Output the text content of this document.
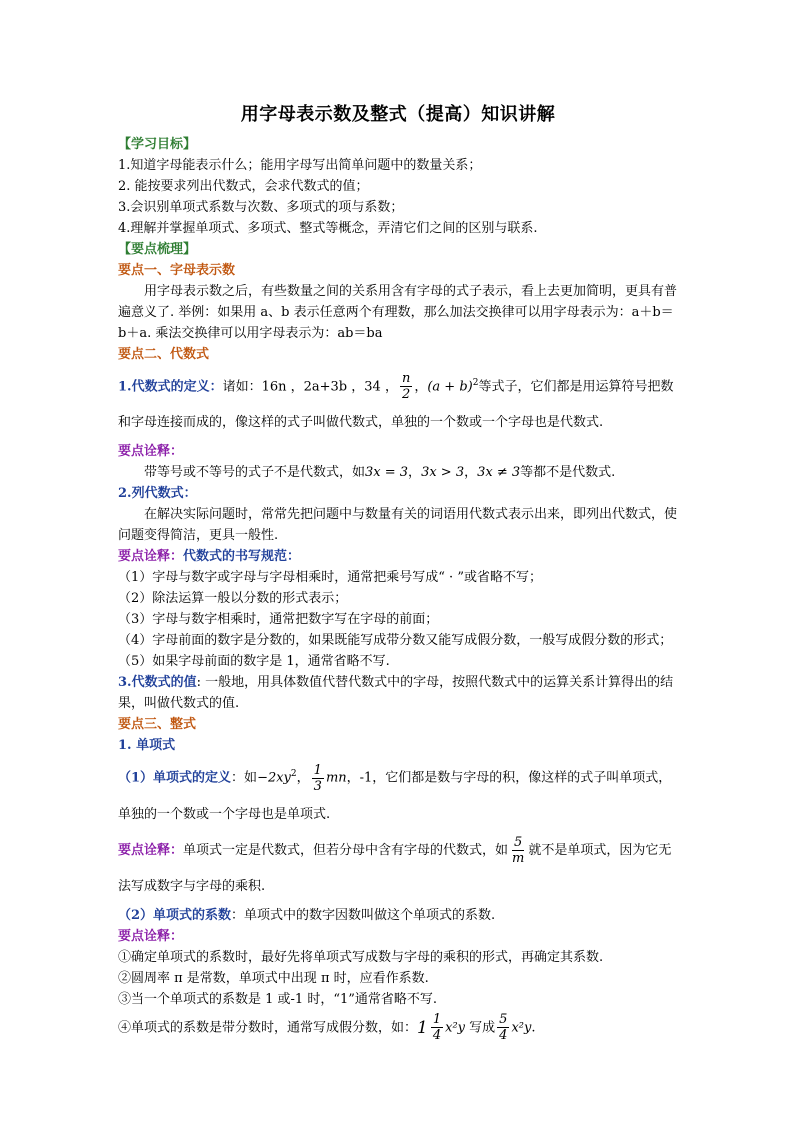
用字母表示数及整式（提高）知识讲解

【学习目标】

1.知道字母能表示什么；能用字母写出简单问题中的数量关系；

2. 能按要求列出代数式，会求代数式的值；

3.会识别单项式系数与次数、多项式的项与系数；

4.理解并掌握单项式、多项式、整式等概念，弄清它们之间的区别与联系.

【要点梳理】

要点一、字母表示数

用字母表示数之后，有些数量之间的关系用含有字母的式子表示，看上去更加简明，更具有普遍意义了. 举例：如果用 a、b 表示任意两个有理数，那么加法交换律可以用字母表示为：a＋b＝b＋a. 乘法交换律可以用字母表示为：ab＝ba

要点二、代数式

1.代数式的定义：诸如：16n ，2a+3b ，34 ， $\frac{n}{2}$ ，$(a + b)^2$等式子，它们都是用运算符号把数和字母连接而成的，像这样的式子叫做代数式，单独的一个数或一个字母也是代数式.

要点诠释：

带等号或不等号的式子不是代数式，如3x = 3，3x > 3，3x ≠ 3等都不是代数式.

2.列代数式：

在解决实际问题时，常常先把问题中与数量有关的词语用代数式表示出来，即列出代数式，使问题变得简洁，更具一般性.

要点诠释：代数式的书写规范：

（1）字母与数字或字母与字母相乘时，通常把乘号写成“ · ”或省略不写；

（2）除法运算一般以分数的形式表示；

（3）字母与数字相乘时，通常把数字写在字母的前面；

（4）字母前面的数字是分数的，如果既能写成带分数又能写成假分数，一般写成假分数的形式；

（5）如果字母前面的数字是 1，通常省略不写.

3.代数式的值: 一般地，用具体数值代替代数式中的字母，按照代数式中的运算关系计算得出的结果，叫做代数式的值.

要点三、整式

1. 单项式

（1）单项式的定义：如$-2xy^2$， $\frac{1}{3}$ mn，-1，它们都是数与字母的积，像这样的式子叫单项式，单独的一个数或一个字母也是单项式.

要点诠释：单项式一定是代数式，但若分母中含有字母的代数式，如 $\frac{5}{m}$ 就不是单项式，因为它无法写成数字与字母的乘积.

（2）单项式的系数：单项式中的数字因数叫做这个单项式的系数.

要点诠释：

①确定单项式的系数时，最好先将单项式写成数与字母的乘积的形式，再确定其系数.

②圆周率 π 是常数，单项式中出现 π 时，应看作系数.

③当一个单项式的系数是 1 或-1 时，“1”通常省略不写.

④单项式的系数是带分数时，通常写成假分数，如： $1 \frac{1}{4} x^2y$ 写成 $\frac{5}{4} x^2y$.
